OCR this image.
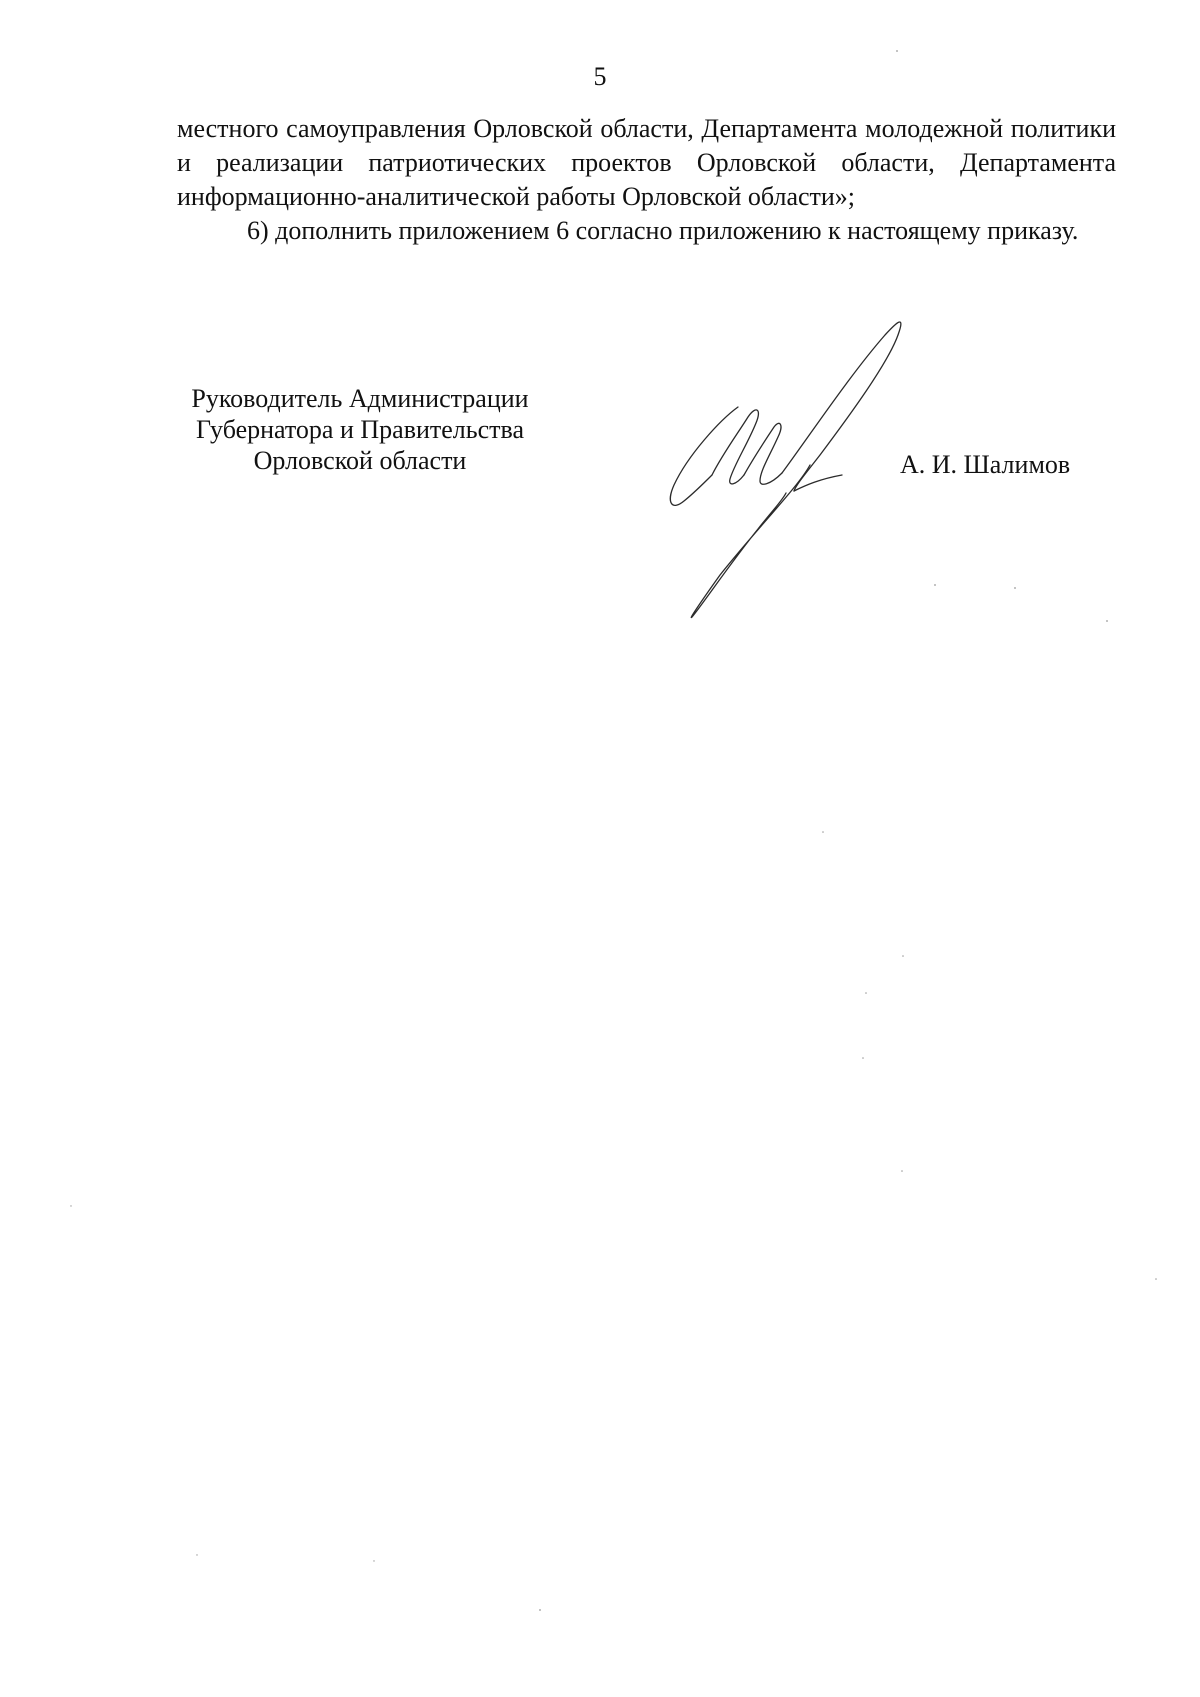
5

местного самоуправления Орловской области, Департамента молодежной политики и реализации патриотических проектов Орловской области, Департамента информационно-аналитической работы Орловской области»;

6) дополнить приложением 6 согласно приложению к настоящему приказу.

Руководитель Администрации
Губернатора и Правительства
Орловской области	А. И. Шалимов
